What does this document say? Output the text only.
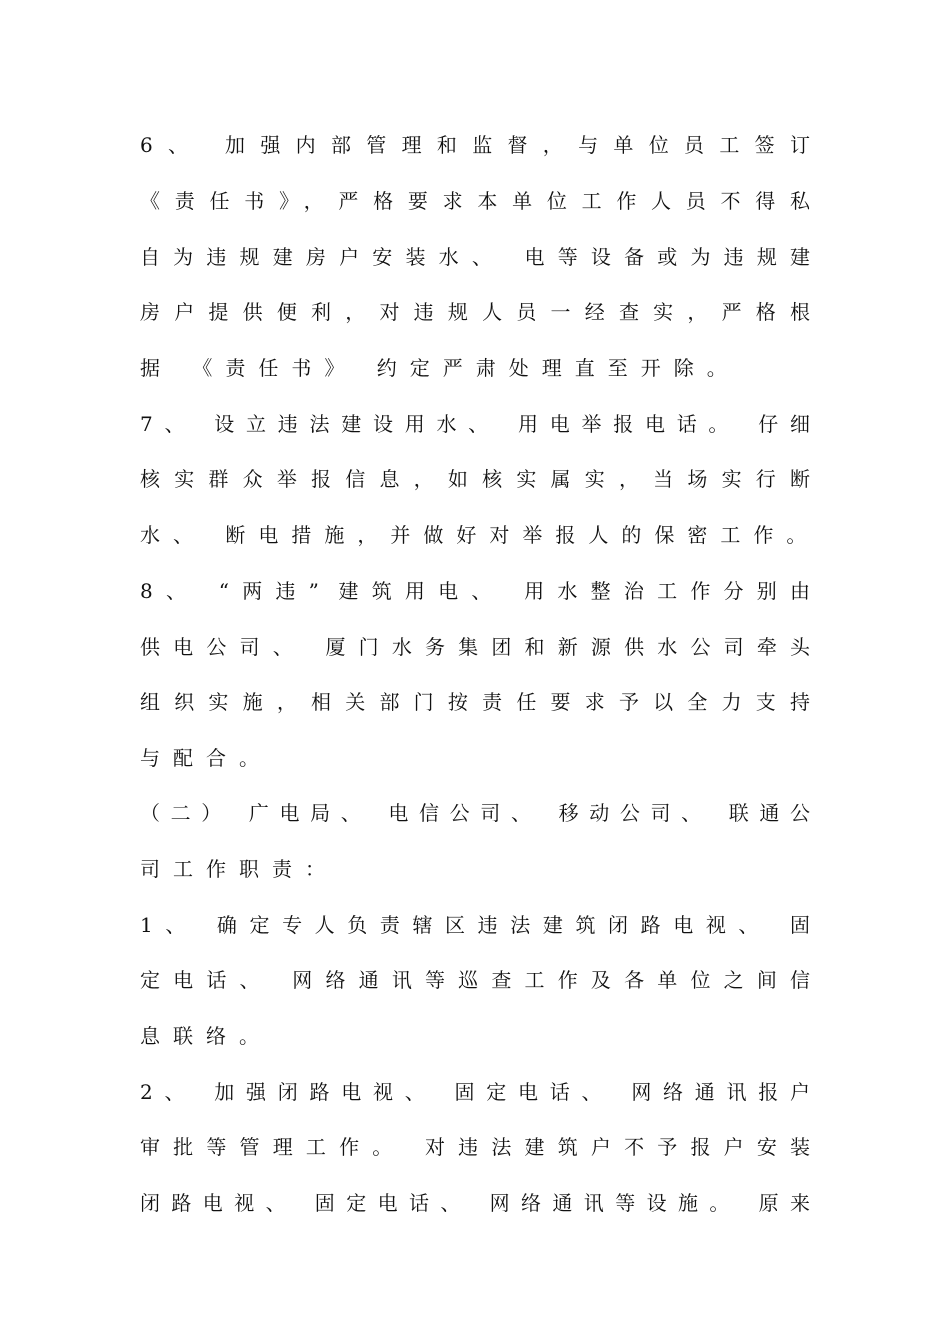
6、 加强内部管理和监督，与单位员工签订
《责任书》，严格要求本单位工作人员不得私
自为违规建房户安装水、 电等设备或为违规建
房户提供便利，对违规人员一经查实，严格根
据 《责任书》 约定严肃处理直至开除。
7、 设立违法建设用水、 用电举报电话。 仔细
核实群众举报信息，如核实属实，当场实行断
水、 断电措施，并做好对举报人的保密工作。
8、 “两违” 建筑用电、 用水整治工作分别由
供电公司、 厦门水务集团和新源供水公司牵头
组织实施，相关部门按责任要求予以全力支持
与配合。
（二） 广电局、 电信公司、 移动公司、 联通公
司工作职责：
1、 确定专人负责辖区违法建筑闭路电视、 固
定电话、 网络通讯等巡查工作及各单位之间信
息联络。
2、 加强闭路电视、 固定电话、 网络通讯报户
审批等管理工作。 对违法建筑户不予报户安装
闭路电视、 固定电话、 网络通讯等设施。 原来
